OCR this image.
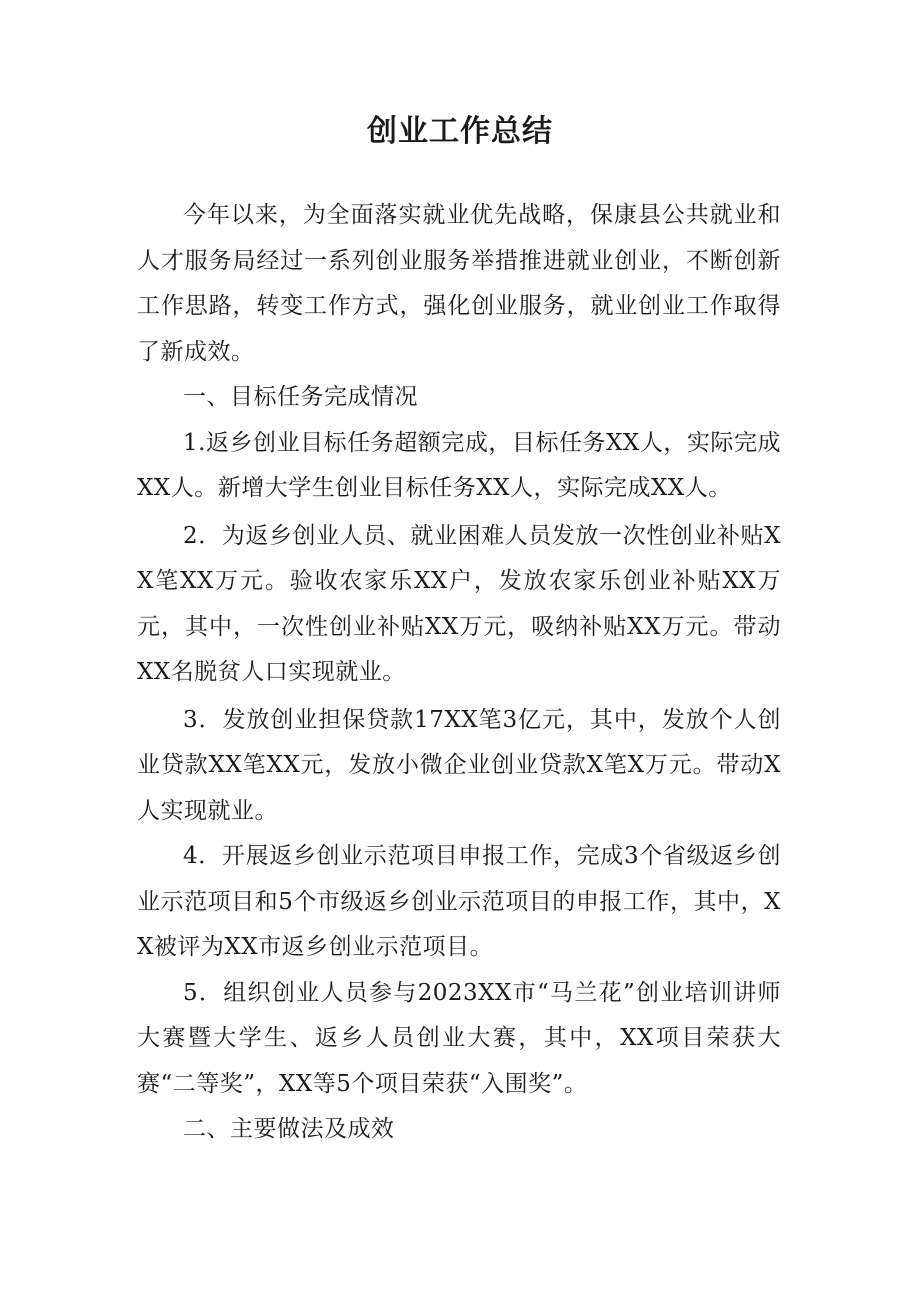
创业工作总结

今年以来，为全面落实就业优先战略，保康县公共就业和人才服务局经过一系列创业服务举措推进就业创业，不断创新工作思路，转变工作方式，强化创业服务，就业创业工作取得了新成效。

一、目标任务完成情况

1.返乡创业目标任务超额完成，目标任务XX人，实际完成XX人。新增大学生创业目标任务XX人，实际完成XX人。

2．为返乡创业人员、就业困难人员发放一次性创业补贴XX笔XX万元。验收农家乐XX户，发放农家乐创业补贴XX万元，其中，一次性创业补贴XX万元，吸纳补贴XX万元。带动XX名脱贫人口实现就业。

3．发放创业担保贷款17XX笔3亿元，其中，发放个人创业贷款XX笔XX元，发放小微企业创业贷款X笔X万元。带动X人实现就业。

4．开展返乡创业示范项目申报工作，完成3个省级返乡创业示范项目和5个市级返乡创业示范项目的申报工作，其中，XX被评为XX市返乡创业示范项目。

5．组织创业人员参与2023XX市“马兰花”创业培训讲师大赛暨大学生、返乡人员创业大赛，其中，XX项目荣获大赛“二等奖”，XX等5个项目荣获“入围奖”。

二、主要做法及成效
